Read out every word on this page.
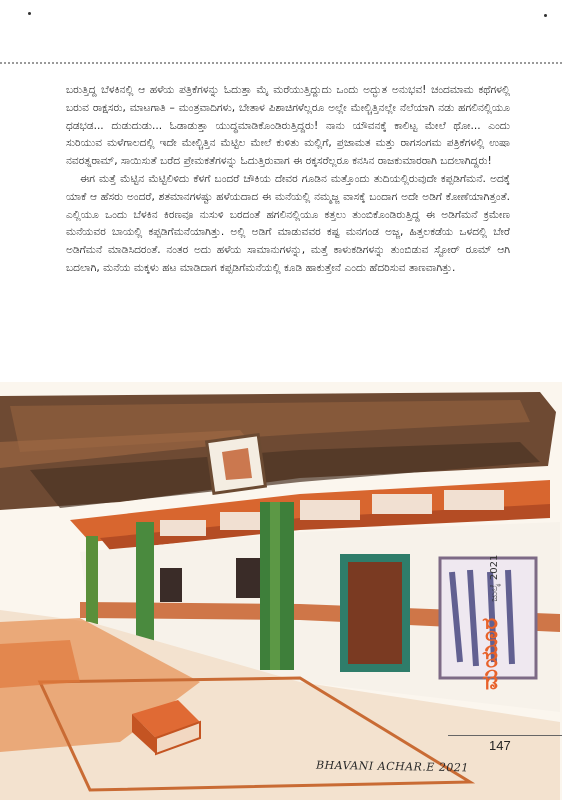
ಬರುತ್ತಿದ್ದ ಬೆಳಕಿನಲ್ಲಿ ಆ ಹಳೆಯ ಪತ್ರಿಕೆಗಳನ್ನು ಓದುತ್ತಾ ಮೈ ಮರೆಯುತ್ತಿದ್ದುದು ಒಂದು ಅದ್ಭುತ ಅನುಭವ! ಚಂದಮಾಮ ಕಥೆಗಳಲ್ಲಿ ಬರುವ ರಾಕ್ಷಸರು, ಮಾಟಗಾತಿ – ಮಂತ್ರವಾದಿಗಳು, ಬೇತಾಳ ಪಿಶಾಚಿಗಳೆಲ್ಲರೂ ಅಲ್ಲೇ ಮೇಲ್ಚಿತ್ತಿನಲ್ಲೇ ನೆಲೆಯಾಗಿ ನಡು ಹಗಲಿನಲ್ಲಿಯೂ ಧಡಭಡ... ದುಡುದುಡು... ಓಡಾಡುತ್ತಾ ಯುದ್ಧಮಾಡಿಕೊಂಡಿರುತ್ತಿದ್ದರು! ನಾನು ಯೌವನಕ್ಕೆ ಕಾಲಿಟ್ಟ ಮೇಲೆ ಥೋ... ಎಂದು ಸುರಿಯುವ ಮಳೆಗಾಲದಲ್ಲಿ ಇದೇ ಮೇಲ್ಚಿತ್ತಿನ ಮೆಟ್ಟಿಲ ಮೇಲೆ ಕುಳಿತು ಮಲ್ಲಿಗೆ, ಪ್ರಜಾಮತ ಮತ್ತು ರಾಗಸಂಗಮ ಪತ್ರಿಕೆಗಳಲ್ಲಿ ಉಷಾ ನವರತ್ನರಾಮ್, ಸಾಯಿಸುತೆ ಬರೆದ ಪ್ರೇಮಕತೆಗಳನ್ನು ಓದುತ್ತಿರುವಾಗ ಈ ರಕ್ಕಸರೆಲ್ಲರೂ ಕನಸಿನ ರಾಜಕುಮಾರರಾಗಿ ಬದಲಾಗಿದ್ದರು!

ಈಗ ಮತ್ತೆ ಮೆಟ್ಟಿನ ಮೆಟ್ಟಿಲಿಳಿದು ಕೆಳಗೆ ಬಂದರೆ ಚೌಕಿಯ ದೇವರ ಗೂಡಿನ ಮತ್ತೊಂದು ತುದಿಯಲ್ಲಿರುವುದೇ ಕಪ್ಪಡಿಗೆಮನೆ. ಅದಕ್ಕೆ ಯಾಕೆ ಆ ಹೆಸರು ಅಂದರೆ, ಶತಮಾನಗಳಷ್ಟು ಹಳೆಯದಾದ ಈ ಮನೆಯಲ್ಲಿ ನಮ್ಮಜ್ಜ ವಾಸಕ್ಕೆ ಬಂದಾಗ ಅದೇ ಅಡಿಗೆ ಕೋಣೆಯಾಗಿತ್ತಂತೆ. ಎಲ್ಲಿಯೂ ಒಂದು ಬೆಳಕಿನ ಕಿರಣವೂ ನುಸುಳಿ ಬರದಂತೆ ಹಗಲಿನಲ್ಲಿಯೂ ಕತ್ತಲು ತುಂಬಿಕೊಂಡಿರುತ್ತಿದ್ದ ಈ ಅಡಿಗೆಮನೆ ಕ್ರಮೇಣ ಮನೆಯವರ ಬಾಯಲ್ಲಿ ಕಪ್ಪಡಿಗೆಮನೆಯಾಗಿತ್ತು. ಅಲ್ಲಿ ಅಡಿಗೆ ಮಾಡುವವರ ಕಷ್ಟ ಮನಗಂಡ ಅಜ್ಜ, ಹಿತ್ತಲಕಡೆಯ ಒಳದಲ್ಲಿ ಬೇರೆ ಅಡಿಗೆಮನೆ ಮಾಡಿಸಿದರಂತೆ. ನಂತರ ಅದು ಹಳೆಯ ಸಾಮಾನುಗಳನ್ನು, ಮತ್ತೆ ಕಾಳುಕಡಿಗಳನ್ನು ತುಂಬಿಡುವ ಸ್ಟೋರ್ ರೂಮ್ ಆಗಿ ಬದಲಾಗಿ, ಮನೆಯ ಮಕ್ಕಳು ಹಟ ಮಾಡಿದಾಗ ಕಪ್ಪಡಿಗೆಮನೆಯಲ್ಲಿ ಕೂಡಿ ಹಾಕುತ್ತೇನೆ ಎಂದು ಹೆದರಿಸುವ ತಾಣವಾಗಿತ್ತು.

147
ಮಯೂರ ಜುಲೈ 2021
BHAVANI ACHAR.E 2021
